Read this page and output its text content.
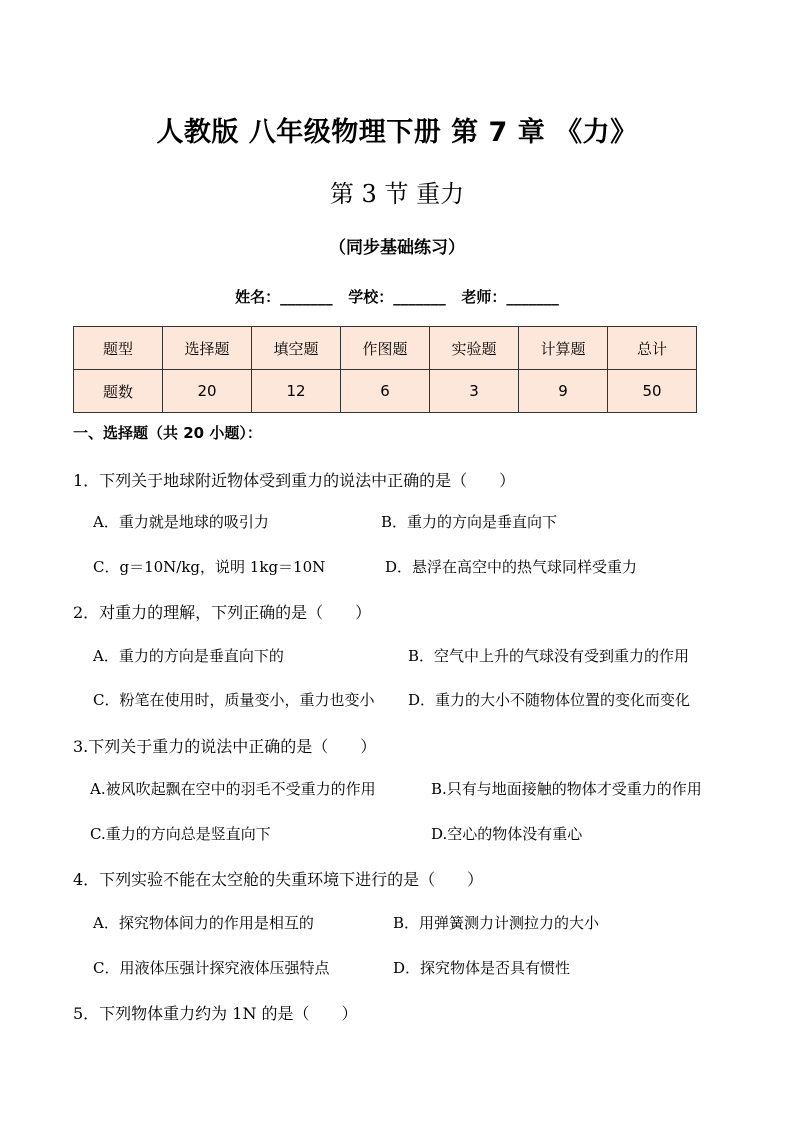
人教版 八年级物理下册 第 7 章 《力》
第 3 节 重力
（同步基础练习）
姓名：_______   学校：_______   老师：_______
题型	选择题	填空题	作图题	实验题	计算题	总计
题数	20	12	6	3	9	50
一、选择题（共 20 小题）：
1．下列关于地球附近物体受到重力的说法中正确的是（　　）
A．重力就是地球的吸引力	B．重力的方向是垂直向下
C．g＝10N/kg，说明 1kg＝10N	D．悬浮在高空中的热气球同样受重力
2．对重力的理解，下列正确的是（　　）
A．重力的方向是垂直向下的	B．空气中上升的气球没有受到重力的作用
C．粉笔在使用时，质量变小，重力也变小 D．重力的大小不随物体位置的变化而变化
3.下列关于重力的说法中正确的是（　　）
A.被风吹起飘在空中的羽毛不受重力的作用	B.只有与地面接触的物体才受重力的作用
C.重力的方向总是竖直向下	D.空心的物体没有重心
4．下列实验不能在太空舱的失重环境下进行的是（　　）
A．探究物体间力的作用是相互的	B．用弹簧测力计测拉力的大小
C．用液体压强计探究液体压强特点	D．探究物体是否具有惯性
5．下列物体重力约为 1N 的是（　　）
